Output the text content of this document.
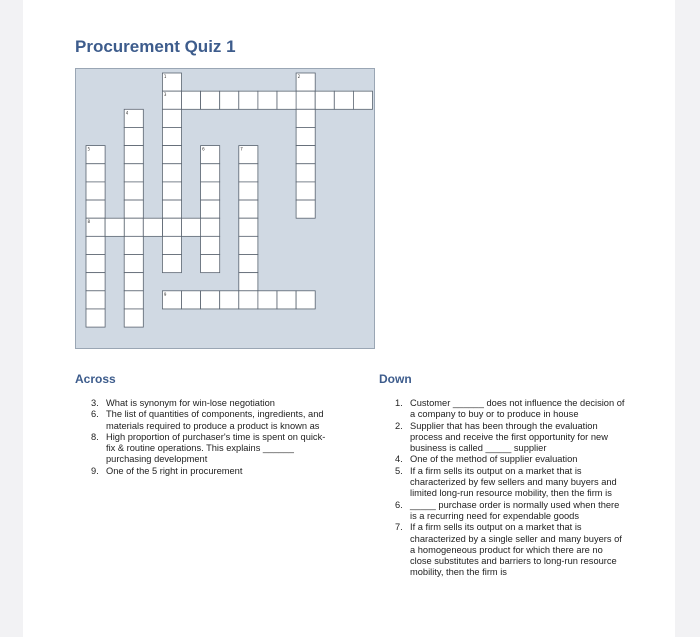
Procurement Quiz 1
1	2
3
4
5	6	7
8
9
Across
3. What is synonym for win-lose negotiation
6. The list of quantities of components, ingredients, and materials required to produce a product is known as
8. High proportion of purchaser's time is spent on quick-fix & routine operations. This explains ______ purchasing development
9. One of the 5 right in procurement
Down
1. Customer ______ does not influence the decision of a company to buy or to produce in house
2. Supplier that has been through the evaluation process and receive the first opportunity for new business is called _____ supplier
4. One of the method of supplier evaluation
5. If a firm sells its output on a market that is characterized by few sellers and many buyers and limited long-run resource mobility, then the firm is
6. _____ purchase order is normally used when there is a recurring need for expendable goods
7. If a firm sells its output on a market that is characterized by a single seller and many buyers of a homogeneous product for which there are no close substitutes and barriers to long-run resource mobility, then the firm is
